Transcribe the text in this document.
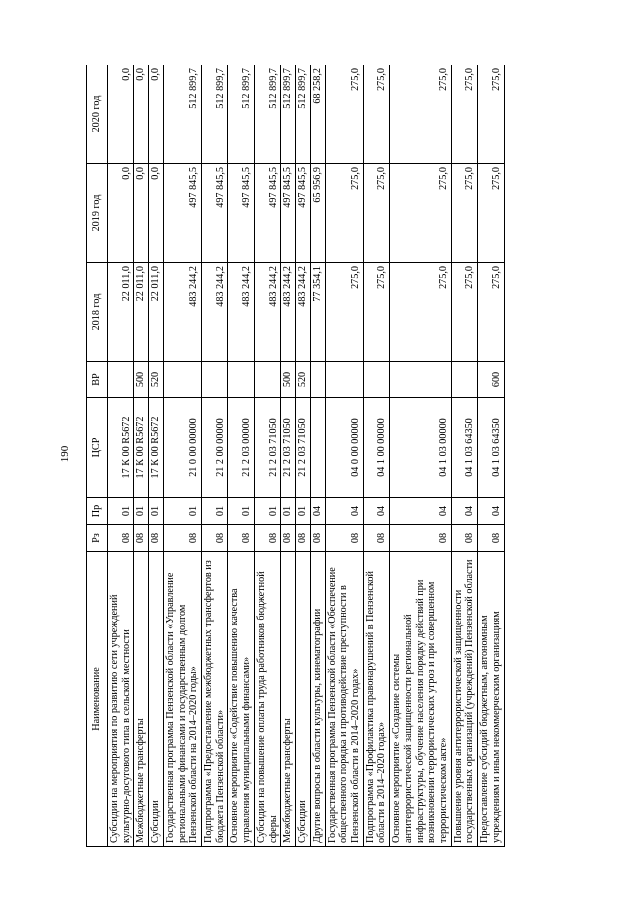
190
Наименование	Рз	Пр	ЦСР	ВР	2018 год	2019 год	2020 год
Субсидии на мероприятия по развитию сети учреждений культурно-досугового типа в сельской местности	08	01	17 К 00 R5672		22 011,0	0,0	0,0
Межбюджетные трансферты	08	01	17 К 00 R5672	500	22 011,0	0,0	0,0
Субсидии	08	01	17 К 00 R5672	520	22 011,0	0,0	0,0
Государственная программа Пензенской области «Управление региональными финансами и государственным долгом Пензенской области на 2014–2020 годы»	08	01	21 0 00 00000		483 244,2	497 845,5	512 899,7
Подпрограмма «Предоставление межбюджетных трансфертов из бюджета Пензенской области»	08	01	21 2 00 00000		483 244,2	497 845,5	512 899,7
Основное мероприятие «Содействие повышению качества управления муниципальными финансами»	08	01	21 2 03 00000		483 244,2	497 845,5	512 899,7
Субсидии на повышение оплаты труда работников бюджетной сферы	08	01	21 2 03 71050		483 244,2	497 845,5	512 899,7
Межбюджетные трансферты	08	01	21 2 03 71050	500	483 244,2	497 845,5	512 899,7
Субсидии	08	01	21 2 03 71050	520	483 244,2	497 845,5	512 899,7
Другие вопросы в области культуры, кинематографии	08	04			77 354,1	65 956,9	68 258,2
Государственная программа Пензенской области «Обеспечение общественного порядка и противодействие преступности в Пензенской области в 2014–2020 годах»	08	04	04 0 00 00000		275,0	275,0	275,0
Подпрограмма «Профилактика правонарушений в Пензенской области в 2014–2020 годах»	08	04	04 1 00 00000		275,0	275,0	275,0
Основное мероприятие «Создание системы антитеррористической защищенности региональной инфраструктуры, обучение населения порядку действий при возникновении террористических угроз и при совершенном террористическом акте»	08	04	04 1 03 00000		275,0	275,0	275,0
Повышение уровня антитеррористической защищенности государственных организаций (учреждений) Пензенской области	08	04	04 1 03 64350		275,0	275,0	275,0
Предоставление субсидий бюджетным, автономным учреждениям и иным некоммерческим организациям	08	04	04 1 03 64350	600	275,0	275,0	275,0
